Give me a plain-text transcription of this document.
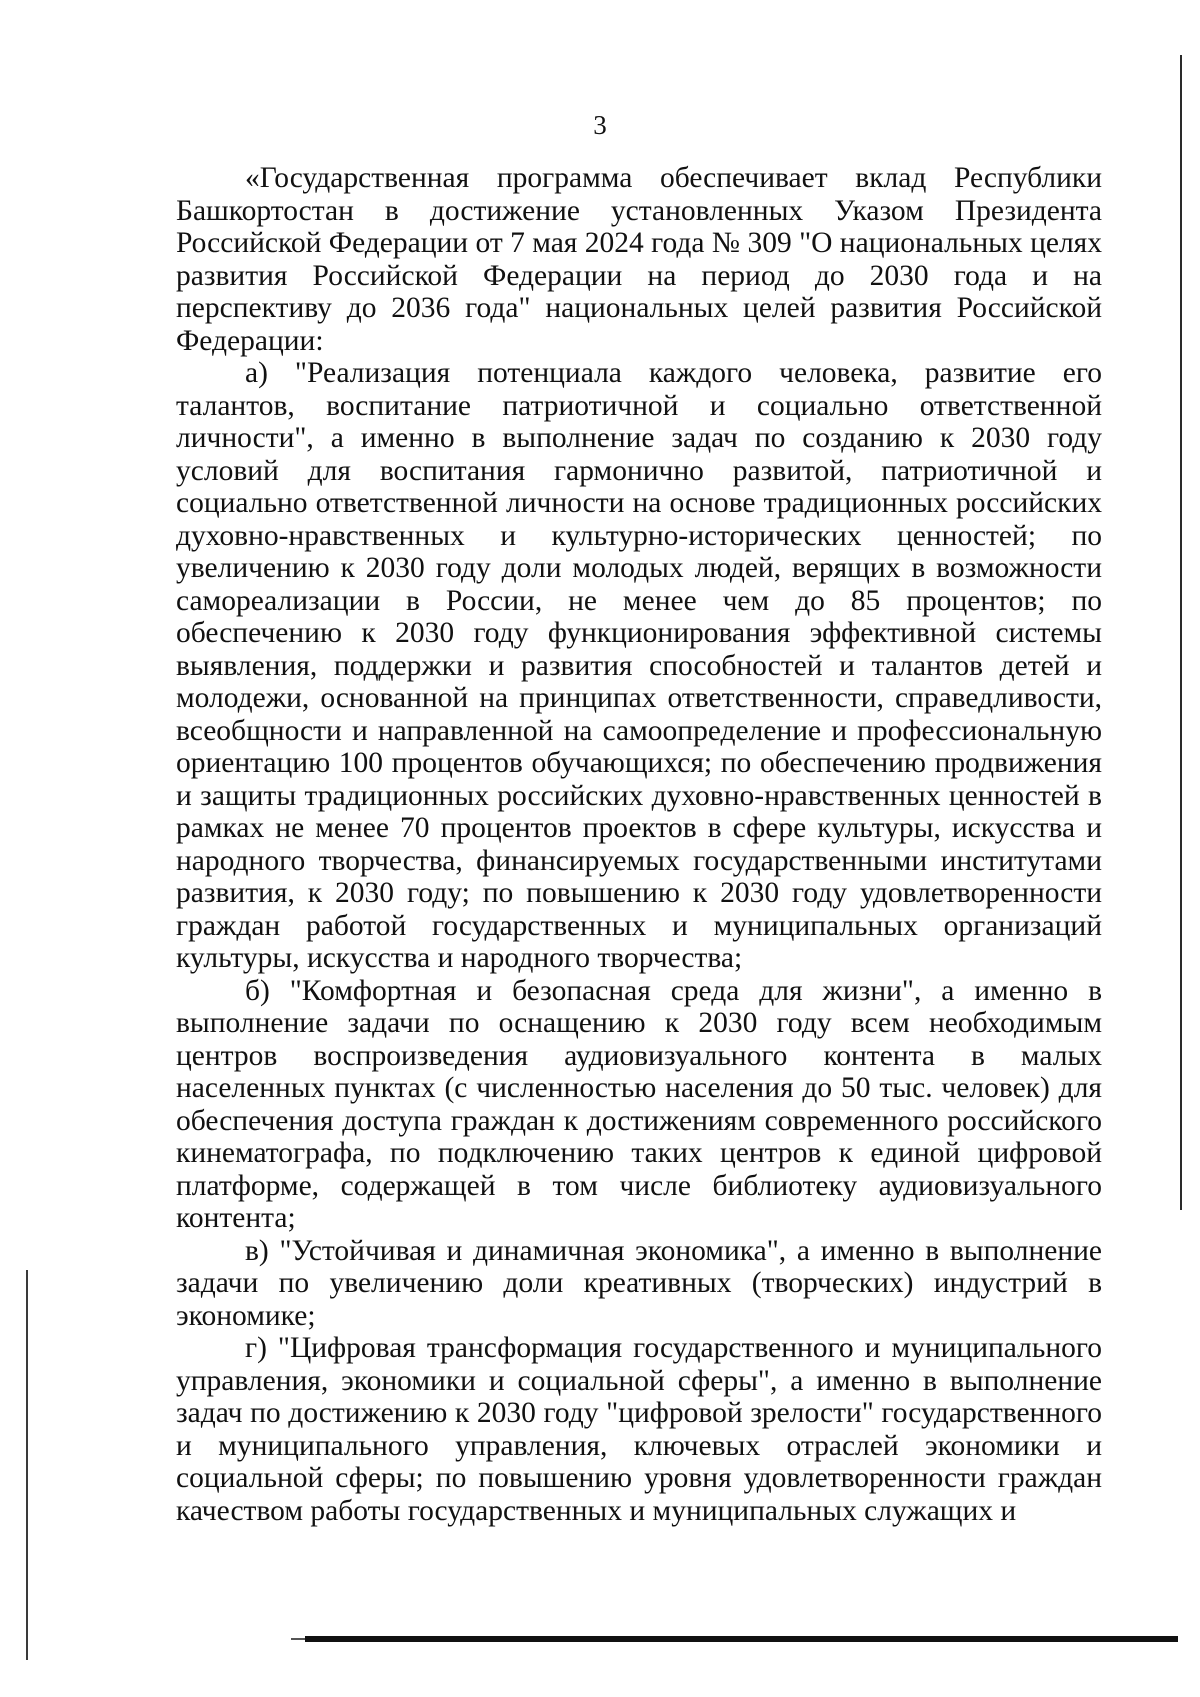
3

«Государственная программа обеспечивает вклад Республики Башкортостан в достижение установленных Указом Президента Российской Федерации от 7 мая 2024 года № 309 "О национальных целях развития Российской Федерации на период до 2030 года и на перспективу до 2036 года" национальных целей развития Российской Федерации:

а) "Реализация потенциала каждого человека, развитие его талантов, воспитание патриотичной и социально ответственной личности", а именно в выполнение задач по созданию к 2030 году условий для воспитания гармонично развитой, патриотичной и социально ответственной личности на основе традиционных российских духовно-нравственных и культурно-исторических ценностей; по увеличению к 2030 году доли молодых людей, верящих в возможности самореализации в России, не менее чем до 85 процентов; по обеспечению к 2030 году функционирования эффективной системы выявления, поддержки и развития способностей и талантов детей и молодежи, основанной на принципах ответственности, справедливости, всеобщности и направленной на самоопределение и профессиональную ориентацию 100 процентов обучающихся; по обеспечению продвижения и защиты традиционных российских духовно-нравственных ценностей в рамках не менее 70 процентов проектов в сфере культуры, искусства и народного творчества, финансируемых государственными институтами развития, к 2030 году; по повышению к 2030 году удовлетворенности граждан работой государственных и муниципальных организаций культуры, искусства и народного творчества;

б) "Комфортная и безопасная среда для жизни", а именно в выполнение задачи по оснащению к 2030 году всем необходимым центров воспроизведения аудиовизуального контента в малых населенных пунктах (с численностью населения до 50 тыс. человек) для обеспечения доступа граждан к достижениям современного российского кинематографа, по подключению таких центров к единой цифровой платформе, содержащей в том числе библиотеку аудиовизуального контента;

в) "Устойчивая и динамичная экономика", а именно в выполнение задачи по увеличению доли креативных (творческих) индустрий в экономике;

г) "Цифровая трансформация государственного и муниципального управления, экономики и социальной сферы", а именно в выполнение задач по достижению к 2030 году "цифровой зрелости" государственного и муниципального управления, ключевых отраслей экономики и социальной сферы; по повышению уровня удовлетворенности граждан качеством работы государственных и муниципальных служащих и
